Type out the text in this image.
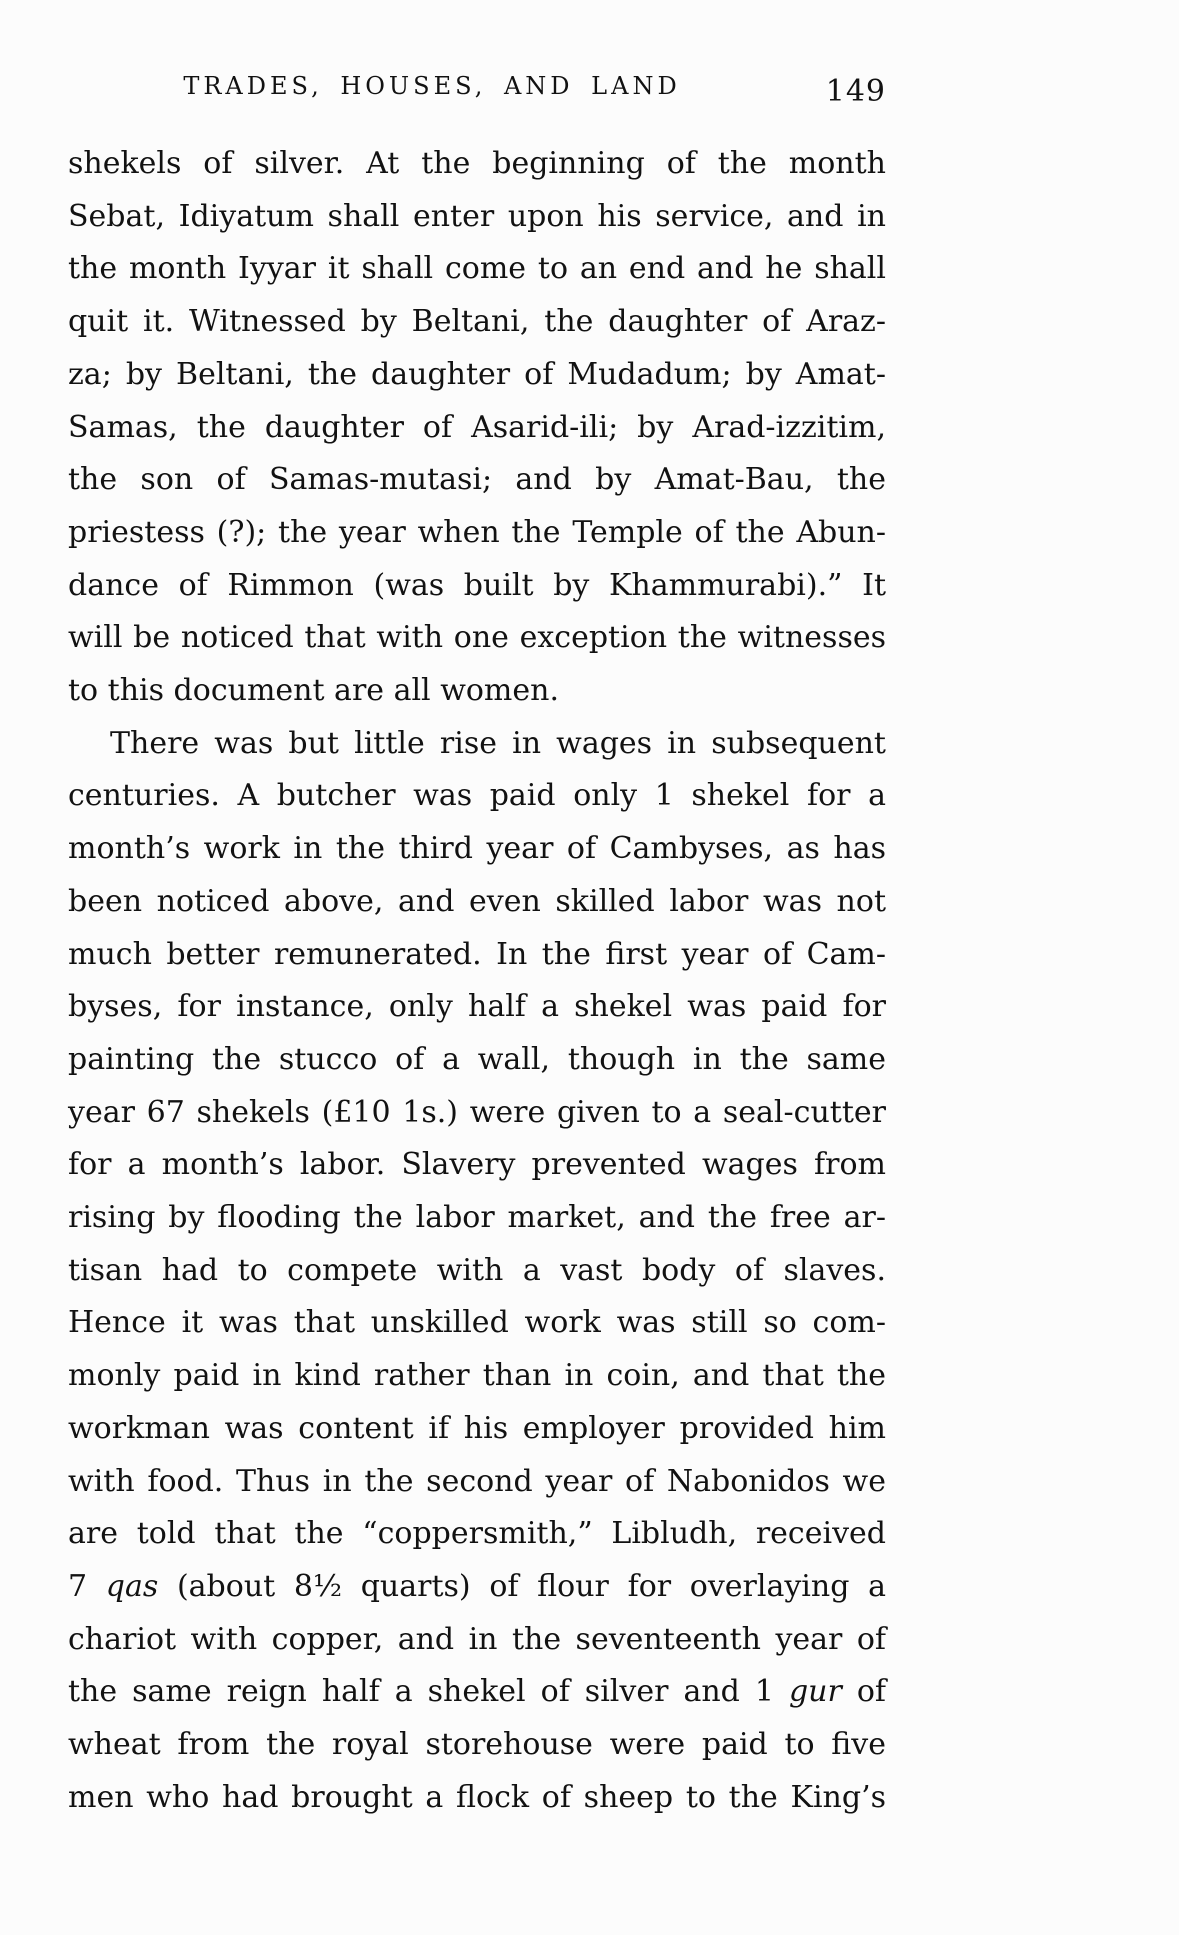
TRADES, HOUSES, AND LAND	149
shekels of silver. At the beginning of the month
Sebat, Idiyatum shall enter upon his service, and in
the month Iyyar it shall come to an end and he shall
quit it. Witnessed by Beltani, the daughter of Araz-
za; by Beltani, the daughter of Mudadum; by Amat-
Samas, the daughter of Asarid-ili; by Arad-izzitim,
the son of Samas-mutasi; and by Amat-Bau, the
priestess (?); the year when the Temple of the Abun-
dance of Rimmon (was built by Khammurabi).” It
will be noticed that with one exception the witnesses
to this document are all women.
There was but little rise in wages in subsequent
centuries. A butcher was paid only 1 shekel for a
month’s work in the third year of Cambyses, as has
been noticed above, and even skilled labor was not
much better remunerated. In the first year of Cam-
byses, for instance, only half a shekel was paid for
painting the stucco of a wall, though in the same
year 67 shekels (£10 1s.) were given to a seal-cutter
for a month’s labor. Slavery prevented wages from
rising by flooding the labor market, and the free ar-
tisan had to compete with a vast body of slaves.
Hence it was that unskilled work was still so com-
monly paid in kind rather than in coin, and that the
workman was content if his employer provided him
with food. Thus in the second year of Nabonidos we
are told that the “coppersmith,” Libludh, received
7 qas (about 8½ quarts) of flour for overlaying a
chariot with copper, and in the seventeenth year of
the same reign half a shekel of silver and 1 gur of
wheat from the royal storehouse were paid to five
men who had brought a flock of sheep to the King’s
